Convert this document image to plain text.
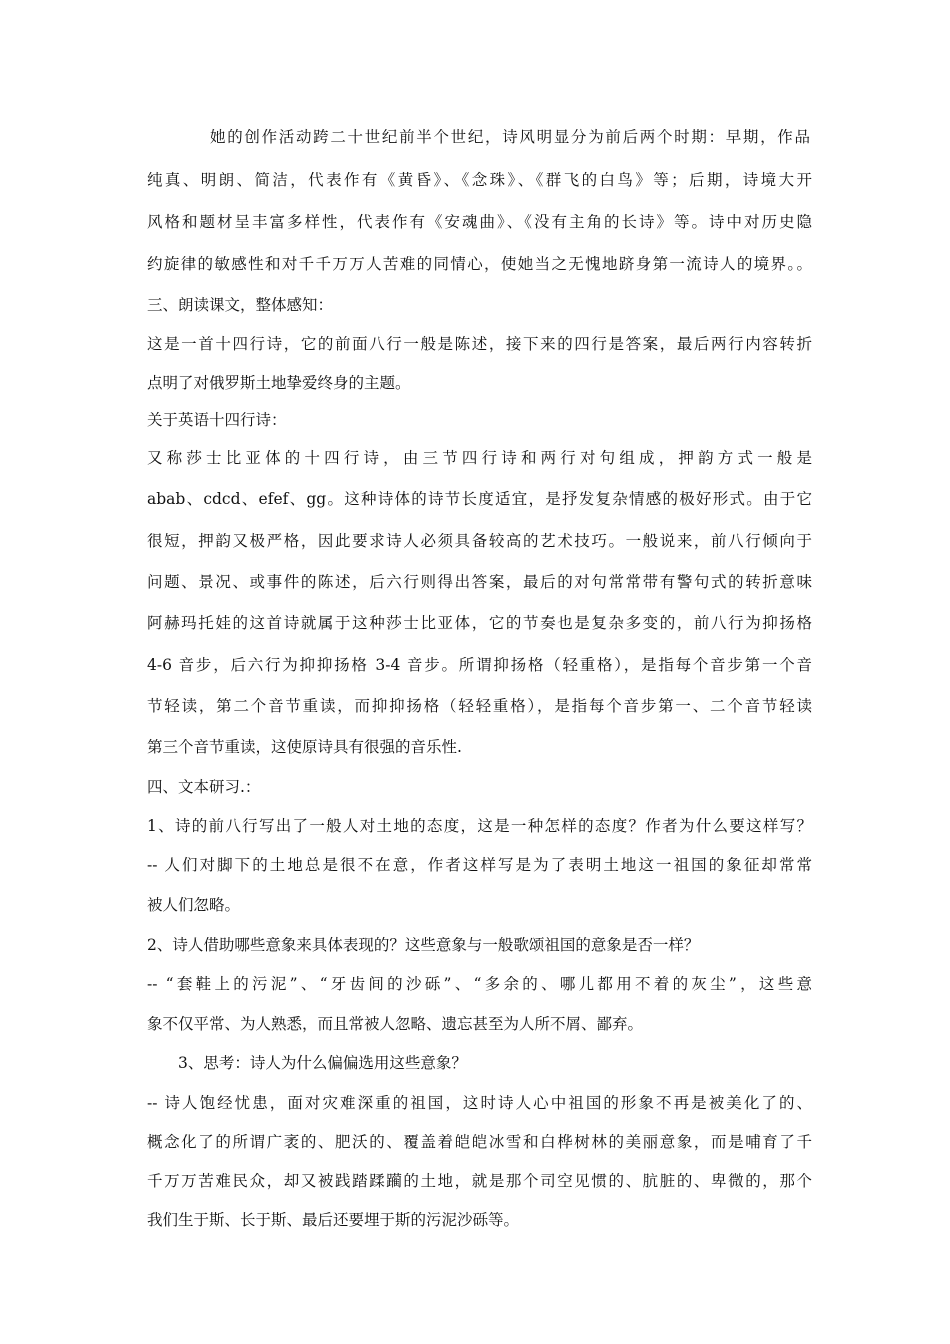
她的创作活动跨二十世纪前半个世纪，诗风明显分为前后两个时期：早期，作品
纯真、明朗、简洁，代表作有《黄昏》、《念珠》、《群飞的白鸟》等；后期，诗境大开
风格和题材呈丰富多样性，代表作有《安魂曲》、《没有主角的长诗》等。诗中对历史隐
约旋律的敏感性和对千千万万人苦难的同情心，使她当之无愧地跻身第一流诗人的境界。。
三、朗读课文，整体感知：
这是一首十四行诗，它的前面八行一般是陈述，接下来的四行是答案，最后两行内容转折
点明了对俄罗斯土地挚爱终身的主题。
关于英语十四行诗：
又称莎士比亚体的十四行诗，由三节四行诗和两行对句组成，押韵方式一般是
abab、cdcd、efef、gg。这种诗体的诗节长度适宜，是抒发复杂情感的极好形式。由于它
很短，押韵又极严格，因此要求诗人必须具备较高的艺术技巧。一般说来，前八行倾向于
问题、景况、或事件的陈述，后六行则得出答案，最后的对句常常带有警句式的转折意味
阿赫玛托娃的这首诗就属于这种莎士比亚体，它的节奏也是复杂多变的，前八行为抑扬格
4-6 音步，后六行为抑抑扬格 3-4 音步。所谓抑扬格（轻重格），是指每个音步第一个音
节轻读，第二个音节重读，而抑抑扬格（轻轻重格），是指每个音步第一、二个音节轻读
第三个音节重读，这使原诗具有很强的音乐性.
四、文本研习.：
1、诗的前八行写出了一般人对土地的态度，这是一种怎样的态度？作者为什么要这样写？
-- 人们对脚下的土地总是很不在意，作者这样写是为了表明土地这一祖国的象征却常常
被人们忽略。
2、诗人借助哪些意象来具体表现的？这些意象与一般歌颂祖国的意象是否一样？
-- “套鞋上的污泥”、“牙齿间的沙砾”、“多余的、哪儿都用不着的灰尘”，这些意
象不仅平常、为人熟悉，而且常被人忽略、遗忘甚至为人所不屑、鄙弃。
3、思考：诗人为什么偏偏选用这些意象？
-- 诗人饱经忧患，面对灾难深重的祖国，这时诗人心中祖国的形象不再是被美化了的、
概念化了的所谓广袤的、肥沃的、覆盖着皑皑冰雪和白桦树林的美丽意象，而是哺育了千
千万万苦难民众，却又被践踏蹂躏的土地，就是那个司空见惯的、肮脏的、卑微的，那个
我们生于斯、长于斯、最后还要埋于斯的污泥沙砾等。
